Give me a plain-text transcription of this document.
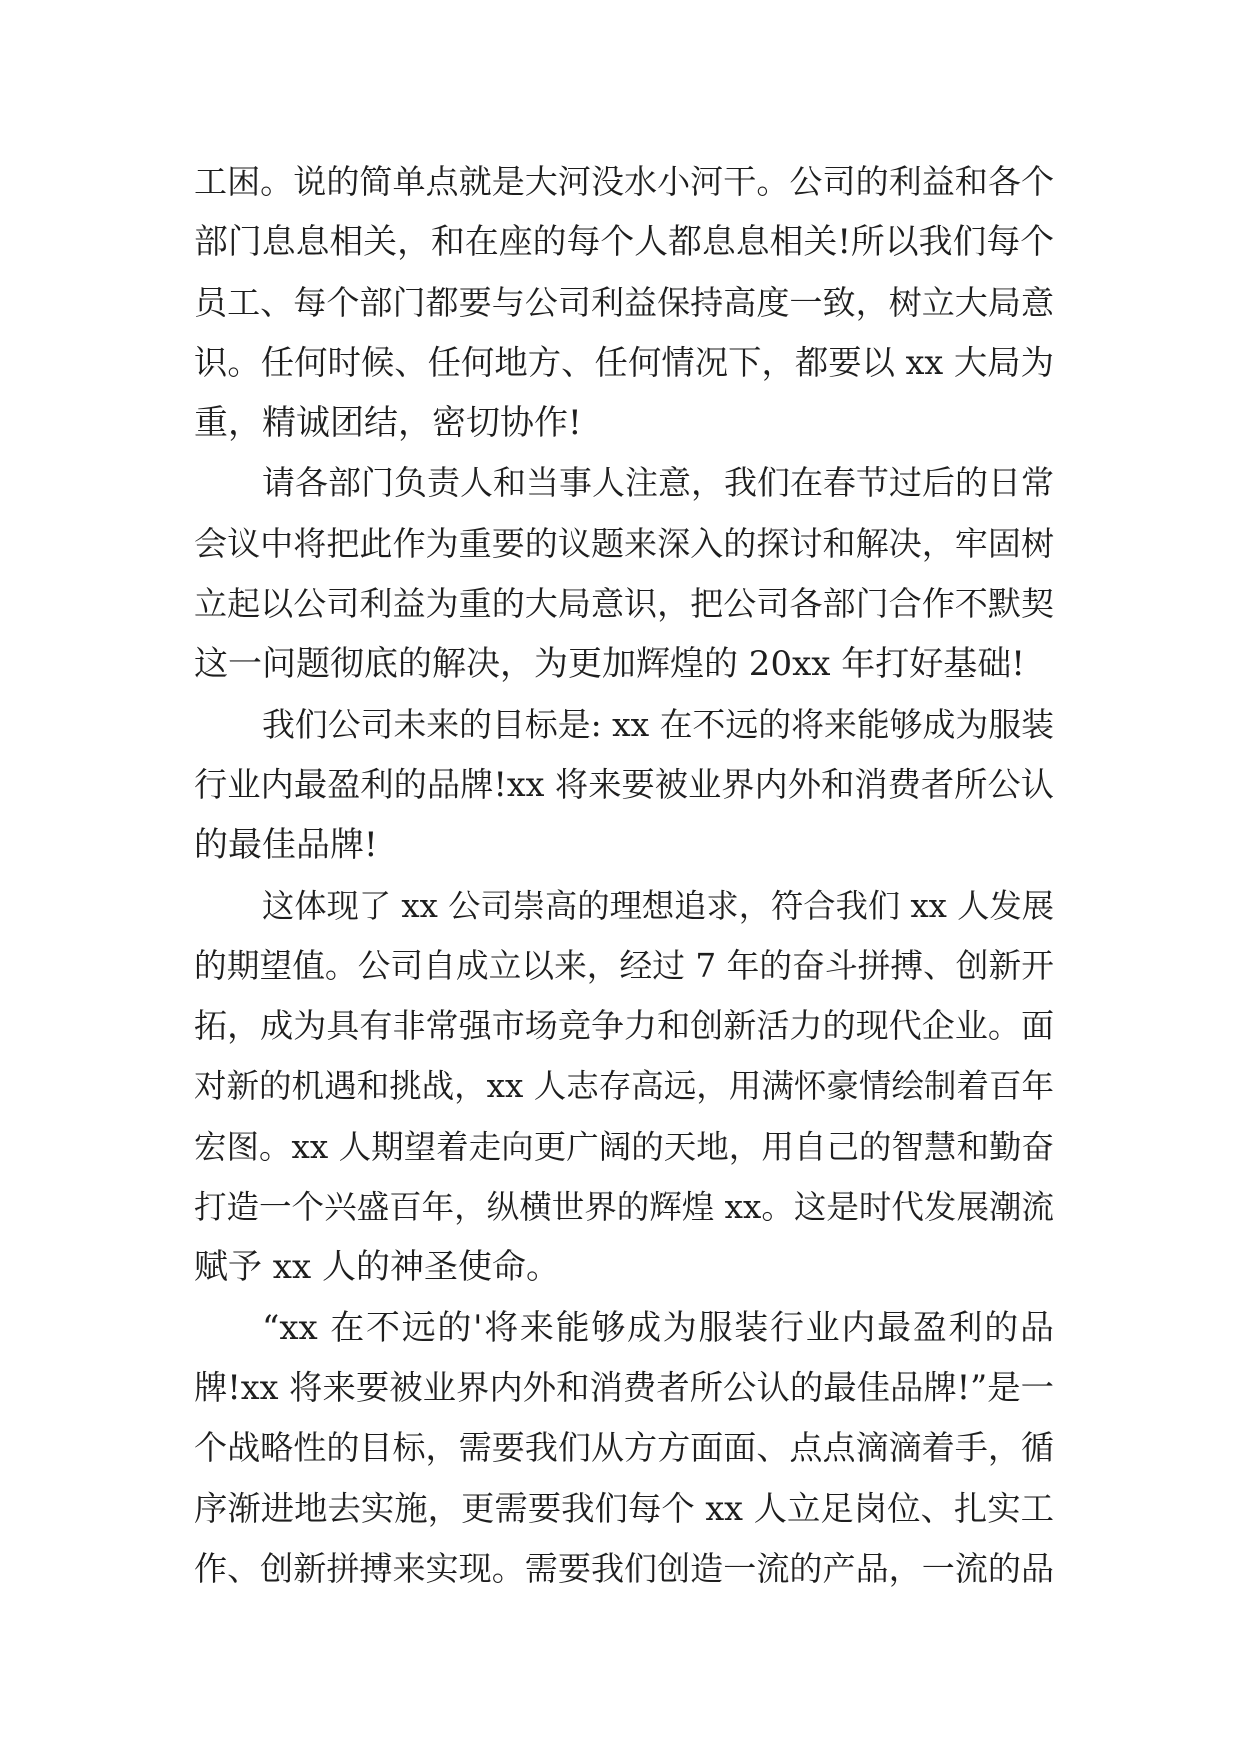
工困。说的简单点就是大河没水小河干。公司的利益和各个
部门息息相关，和在座的每个人都息息相关!所以我们每个
员工、每个部门都要与公司利益保持高度一致，树立大局意
识。任何时候、任何地方、任何情况下，都要以 xx 大局为
重，精诚团结，密切协作!
请各部门负责人和当事人注意，我们在春节过后的日常
会议中将把此作为重要的议题来深入的探讨和解决，牢固树
立起以公司利益为重的大局意识，把公司各部门合作不默契
这一问题彻底的解决，为更加辉煌的 20xx 年打好基础!
我们公司未来的目标是: xx 在不远的将来能够成为服装
行业内最盈利的品牌!xx 将来要被业界内外和消费者所公认
的最佳品牌!
这体现了 xx 公司崇高的理想追求，符合我们 xx 人发展
的期望值。公司自成立以来，经过 7 年的奋斗拼搏、创新开
拓，成为具有非常强市场竞争力和创新活力的现代企业。面
对新的机遇和挑战，xx 人志存高远，用满怀豪情绘制着百年
宏图。xx 人期望着走向更广阔的天地，用自己的智慧和勤奋
打造一个兴盛百年，纵横世界的辉煌 xx。这是时代发展潮流
赋予 xx 人的神圣使命。
“xx 在不远的'将来能够成为服装行业内最盈利的品
牌!xx 将来要被业界内外和消费者所公认的最佳品牌!”是一
个战略性的目标，需要我们从方方面面、点点滴滴着手，循
序渐进地去实施，更需要我们每个 xx 人立足岗位、扎实工
作、创新拼搏来实现。需要我们创造一流的产品，一流的品
